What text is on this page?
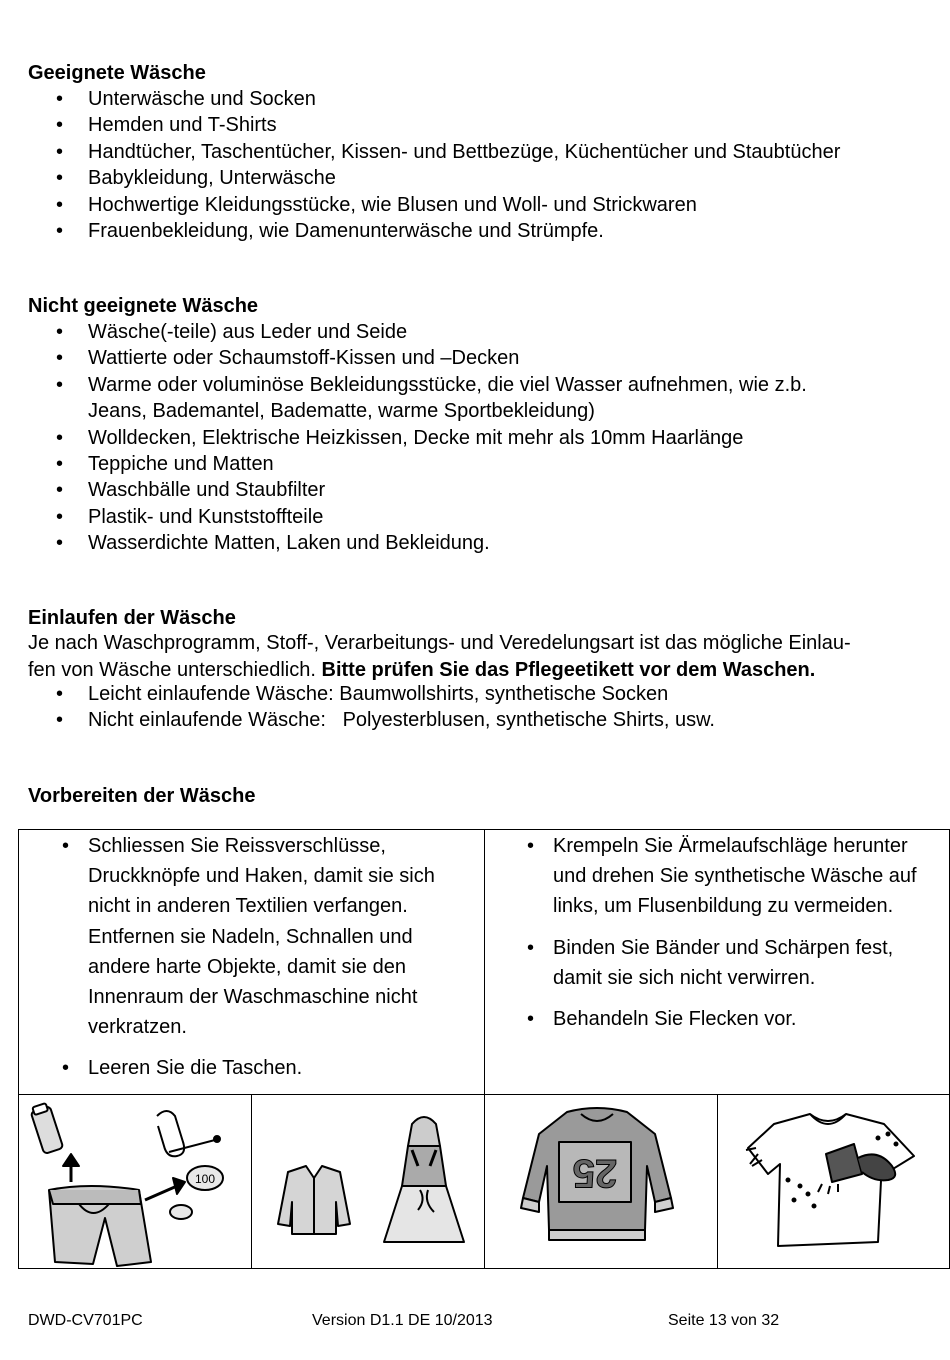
Geeignete Wäsche
• Unterwäsche und Socken
• Hemden und T-Shirts
• Handtücher, Taschentücher, Kissen- und Bettbezüge, Küchentücher und Staubtücher
• Babykleidung, Unterwäsche
• Hochwertige Kleidungsstücke, wie Blusen und Woll- und Strickwaren
• Frauenbekleidung, wie Damenunterwäsche und Strümpfe.
Nicht geeignete Wäsche
• Wäsche(-teile) aus Leder und Seide
• Wattierte oder Schaumstoff-Kissen und –Decken
• Warme oder voluminöse Bekleidungsstücke, die viel Wasser aufnehmen, wie z.b.
Jeans, Bademantel, Badematte, warme Sportbekleidung)
• Wolldecken, Elektrische Heizkissen, Decke mit mehr als 10mm Haarlänge
• Teppiche und Matten
• Waschbälle und Staubfilter
• Plastik- und Kunststoffteile
• Wasserdichte Matten, Laken und Bekleidung.
Einlaufen der Wäsche

Je nach Waschprogramm, Stoff-, Verarbeitungs- und Veredelungsart ist das mögliche Einlau-
fen von Wäsche unterschiedlich. Bitte prüfen Sie das Pflegeetikett vor dem Waschen.

• Leicht einlaufende Wäsche: Baumwollshirts, synthetische Socken
• Nicht einlaufende Wäsche:   Polyesterblusen, synthetische Shirts, usw.
Vorbereiten der Wäsche
• Schliessen Sie Reissverschlüsse, Druckknöpfe und Haken, damit sie sich nicht in anderen Textilien verfangen. Entfernen sie Nadeln, Schnallen und andere harte Objekte, damit sie den Innenraum der Waschmaschine nicht verkratzen.
• Leeren Sie die Taschen.
• Krempeln Sie Ärmelaufschläge herunter und drehen Sie synthetische Wäsche auf links, um Flusenbildung zu vermeiden.
• Binden Sie Bänder und Schärpen fest, damit sie sich nicht verwirren.
• Behandeln Sie Flecken vor.
100	25
DWD-CV701PC	Version D1.1 DE 10/2013	Seite 13 von 32
